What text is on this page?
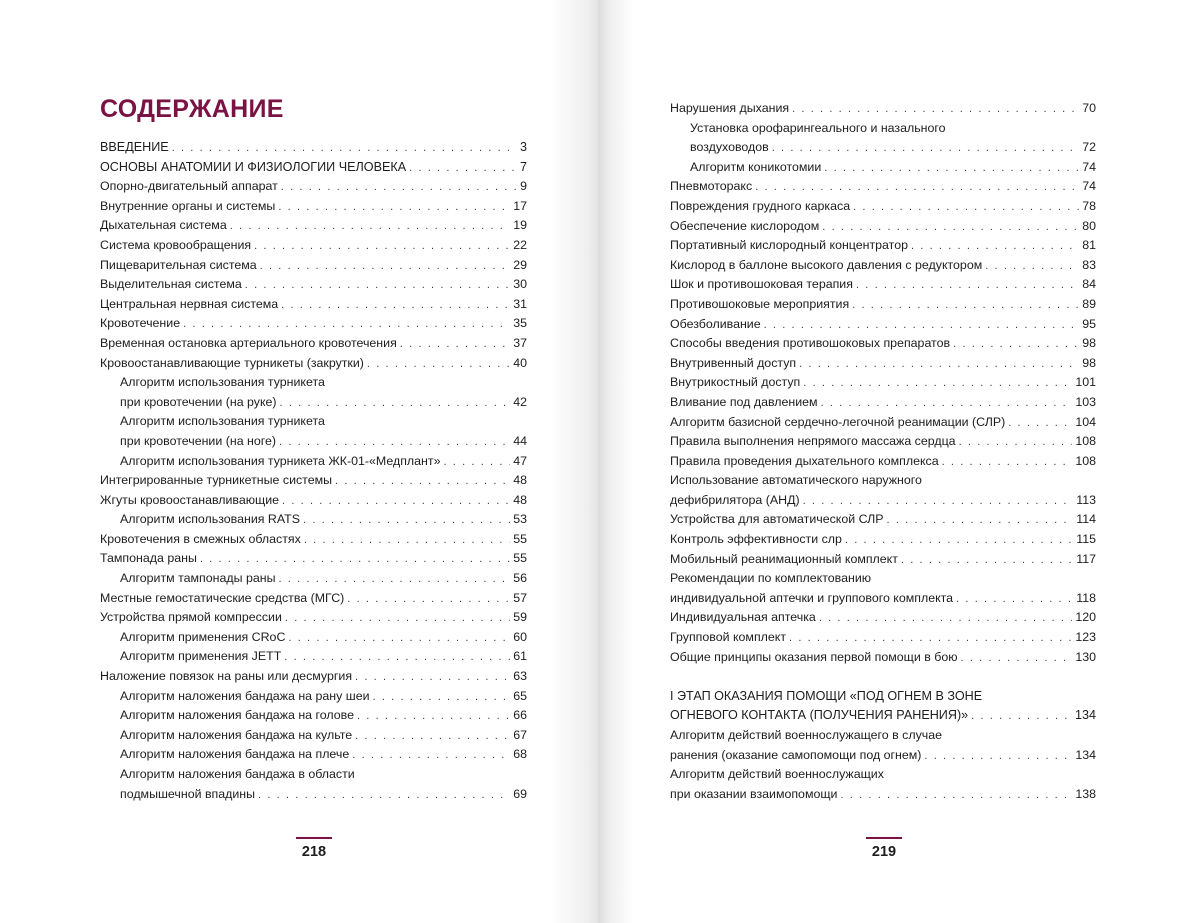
СОДЕРЖАНИЕ
ВВЕДЕНИЕ . . .	3
ОСНОВЫ АНАТОМИИ И ФИЗИОЛОГИИ ЧЕЛОВЕКА . . .	7
Опорно-двигательный аппарат . . .	9
Внутренние органы и системы . . .	17
Дыхательная система . . .	19
Система кровообращения . . .	22
Пищеварительная система . . .	29
Выделительная система . . .	30
Центральная нервная система . . .	31
Кровотечение . . .	35
Временная остановка артериального кровотечения . . .	37
Кровоостанавливающие турникеты (закрутки) . . .	40
Алгоритм использования турникета
при кровотечении (на руке) . . .	42
Алгоритм использования турникета
при кровотечении (на ноге) . . .	44
Алгоритм использования турникета ЖК-01-«Медплант» . . .	47
Интегрированные турникетные системы . . .	48
Жгуты кровоостанавливающие . . .	48
Алгоритм использования RATS . . .	53
Кровотечения в смежных областях . . .	55
Тампонада раны . . .	55
Алгоритм тампонады раны . . .	56
Местные гемостатические средства (МГС) . . .	57
Устройства прямой компрессии . . .	59
Алгоритм применения CRoC . . .	60
Алгоритм применения JETT . . .	61
Наложение повязок на раны или десмургия . . .	63
Алгоритм наложения бандажа на рану шеи . . .	65
Алгоритм наложения бандажа на голове . . .	66
Алгоритм наложения бандажа на культе . . .	67
Алгоритм наложения бандажа на плече . . .	68
Алгоритм наложения бандажа в области
подмышечной впадины . . .	69
218
Нарушения дыхания . . .	70
Установка орофарингеального и назального
воздуховодов . . .	72
Алгоритм коникотомии . . .	74
Пневмоторакс . . .	74
Повреждения грудного каркаса . . .	78
Обеспечение кислородом . . .	80
Портативный кислородный концентратор . . .	81
Кислород в баллоне высокого давления с редуктором . . .	83
Шок и противошоковая терапия . . .	84
Противошоковые мероприятия . . .	89
Обезболивание . . .	95
Способы введения противошоковых препаратов . . .	98
Внутривенный доступ . . .	98
Внутрикостный доступ . . .	101
Вливание под давлением . . .	103
Алгоритм базисной сердечно-легочной реанимации (СЛР) . . .	104
Правила выполнения непрямого массажа сердца . . .	108
Правила проведения дыхательного комплекса . . .	108
Использование автоматического наружного
дефибрилятора (АНД) . . .	113
Устройства для автоматической СЛР . . .	114
Контроль эффективности слр . . .	115
Мобильный реанимационный комплект . . .	117
Рекомендации по комплектованию
индивидуальной аптечки и группового комплекта . . .	118
Индивидуальная аптечка . . .	120
Групповой комплект . . .	123
Общие принципы оказания первой помощи в бою . . .	130
I ЭТАП ОКАЗАНИЯ ПОМОЩИ «ПОД ОГНЕМ В ЗОНЕ
ОГНЕВОГО КОНТАКТА (ПОЛУЧЕНИЯ РАНЕНИЯ)» . . .	134
Алгоритм действий военнослужащего в случае
ранения (оказание самопомощи под огнем) . . .	134
Алгоритм действий военнослужащих
при оказании взаимопомощи . . .	138
219
